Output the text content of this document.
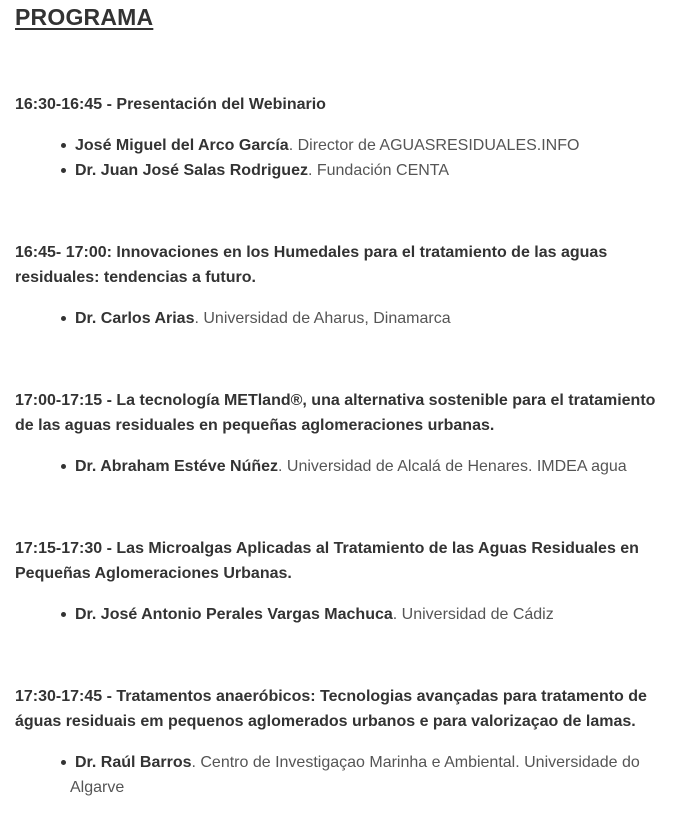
PROGRAMA

16:30-16:45 - Presentación del Webinario

José Miguel del Arco García. Director de AGUASRESIDUALES.INFO
Dr. Juan José Salas Rodriguez. Fundación CENTA

16:45- 17:00: Innovaciones en los Humedales para el tratamiento de las aguas residuales: tendencias a futuro.

Dr. Carlos Arias. Universidad de Aharus, Dinamarca

17:00-17:15 - La tecnología METland®, una alternativa sostenible para el tratamiento de las aguas residuales en pequeñas aglomeraciones urbanas.

Dr. Abraham Estéve Núñez. Universidad de Alcalá de Henares. IMDEA agua

17:15-17:30 - Las Microalgas Aplicadas al Tratamiento de las Aguas Residuales en Pequeñas Aglomeraciones Urbanas.

Dr. José Antonio Perales Vargas Machuca. Universidad de Cádiz

17:30-17:45 - Tratamentos anaeróbicos: Tecnologias avançadas para tratamento de águas residuais em pequenos aglomerados urbanos e para valorizaçao de lamas.

Dr. Raúl Barros. Centro de Investigaçao Marinha e Ambiental. Universidade do Algarve
